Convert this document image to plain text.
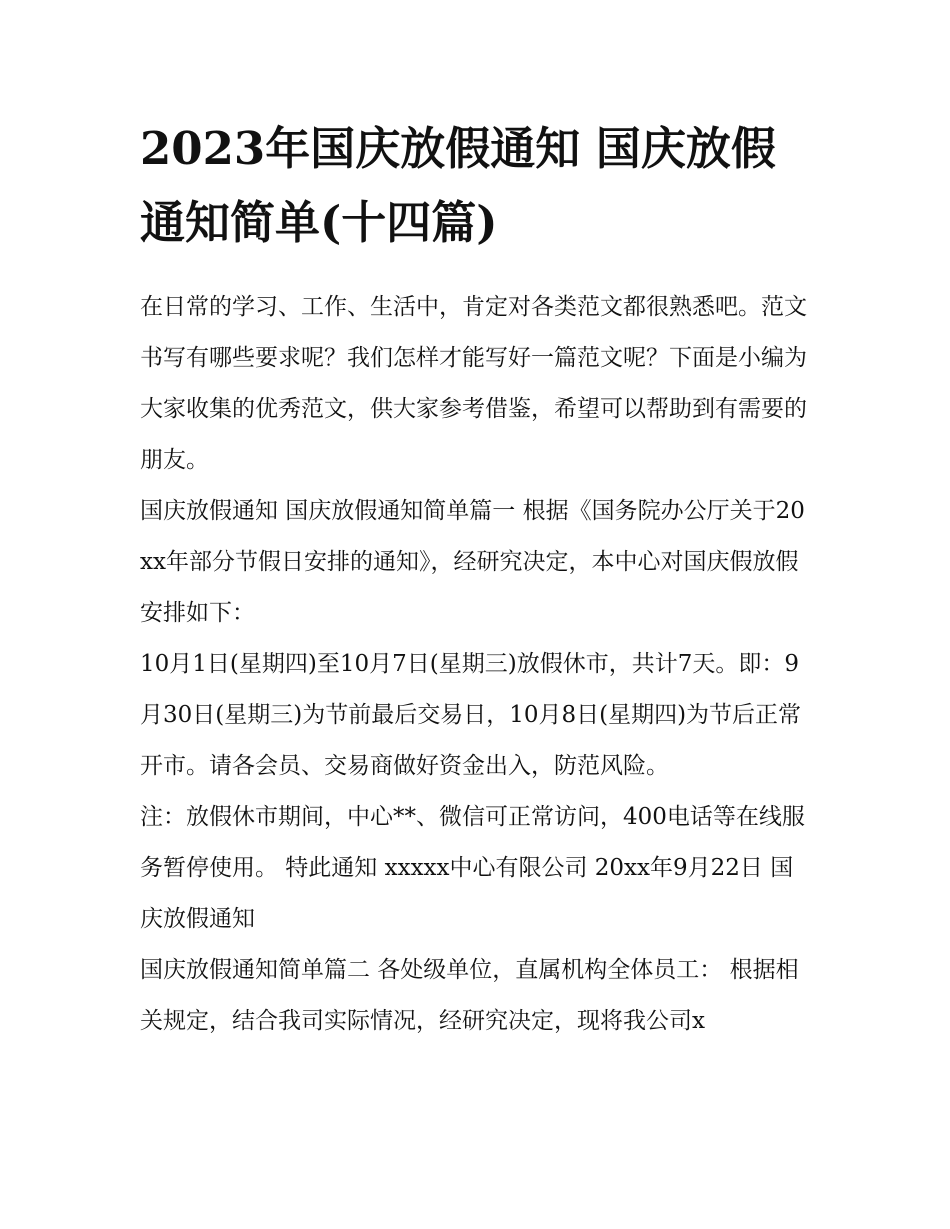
2023年国庆放假通知 国庆放假通知简单(十四篇)

在日常的学习、工作、生活中，肯定对各类范文都很熟悉吧。范文书写有哪些要求呢？我们怎样才能写好一篇范文呢？下面是小编为大家收集的优秀范文，供大家参考借鉴，希望可以帮助到有需要的朋友。

国庆放假通知 国庆放假通知简单篇一 根据《国务院办公厅关于20xx年部分节假日安排的通知》，经研究决定，本中心对国庆假放假安排如下：

10月1日(星期四)至10月7日(星期三)放假休市，共计7天。即：9月30日(星期三)为节前最后交易日，10月8日(星期四)为节后正常开市。请各会员、交易商做好资金出入，防范风险。

注：放假休市期间，中心**、微信可正常访问，400电话等在线服务暂停使用。 特此通知 xxxxx中心有限公司 20xx年9月22日 国庆放假通知

国庆放假通知简单篇二 各处级单位，直属机构全体员工： 根据相关规定，结合我司实际情况，经研究决定，现将我公司x
